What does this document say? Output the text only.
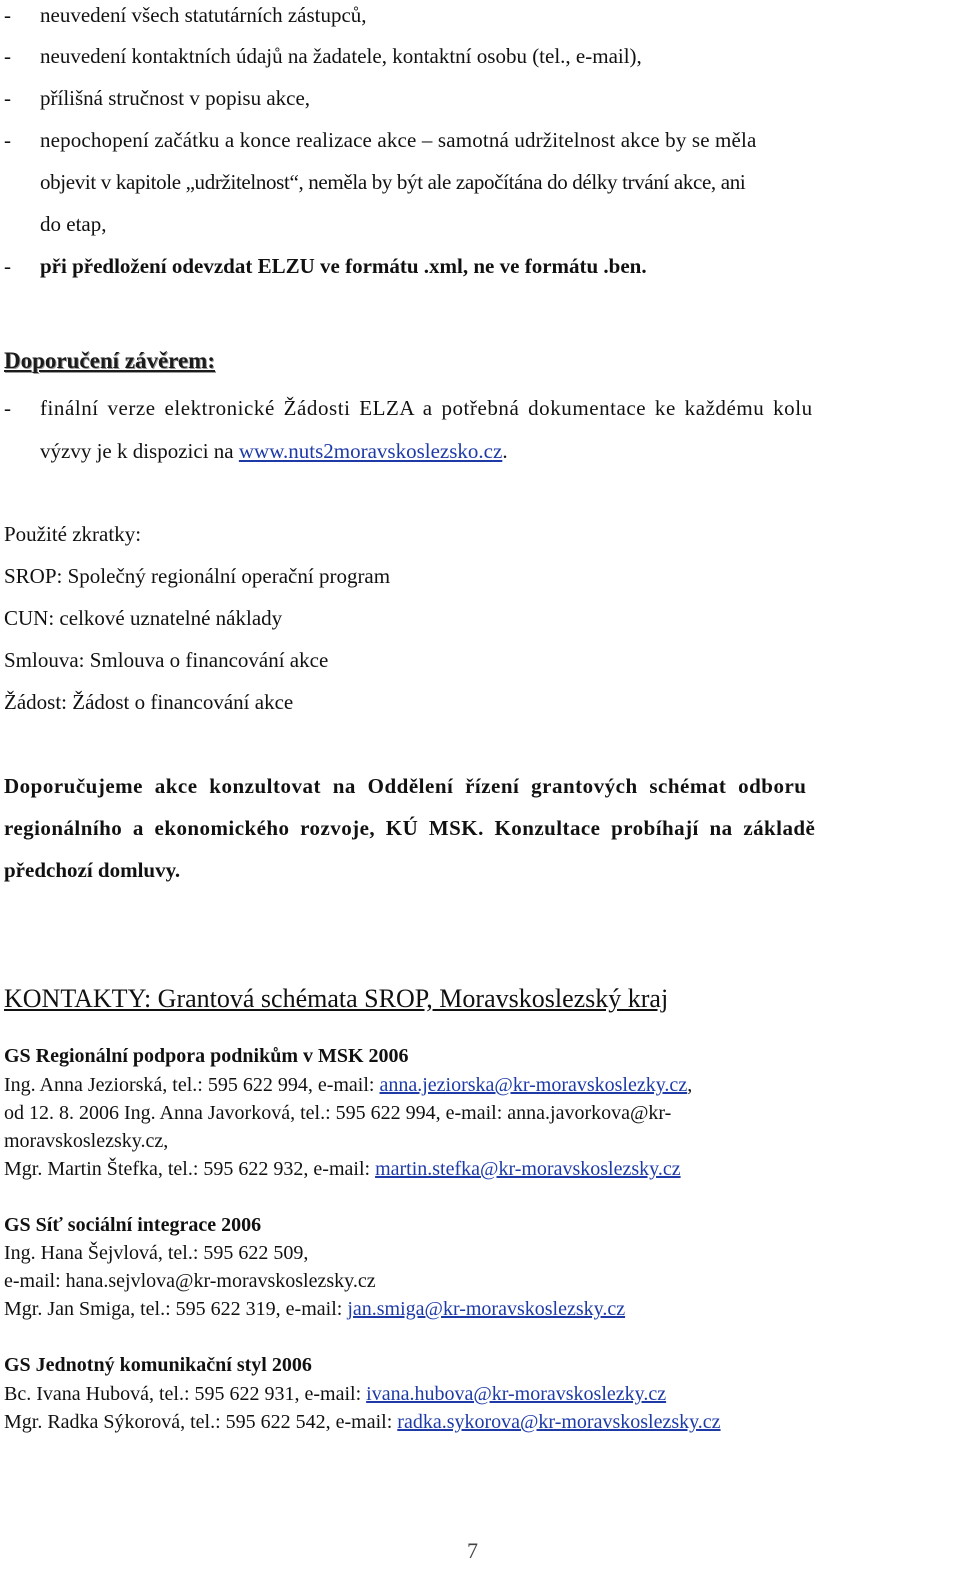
- neuvedení všech statutárních zástupců,
- neuvedení kontaktních údajů na žadatele, kontaktní osobu (tel., e-mail),
- přílišná stručnost v popisu akce,
- nepochopení začátku a konce realizace akce – samotná udržitelnost akce by se měla
objevit v kapitole „udržitelnost“, neměla by být ale započítána do délky trvání akce, ani
do etap,
- při předložení odevzdat ELZU ve formátu .xml, ne ve formátu .ben.
Doporučení závěrem:
- finální verze elektronické Žádosti ELZA a potřebná dokumentace ke každému kolu
výzvy je k dispozici na www.nuts2moravskoslezsko.cz.
Použité zkratky:
SROP: Společný regionální operační program
CUN: celkové uznatelné náklady
Smlouva: Smlouva o financování akce
Žádost: Žádost o financování akce
Doporučujeme akce konzultovat na Oddělení řízení grantových schémat odboru
regionálního a ekonomického rozvoje, KÚ MSK. Konzultace probíhají na základě
předchozí domluvy.
KONTAKTY: Grantová schémata SROP, Moravskoslezský kraj
GS Regionální podpora podnikům v MSK 2006
Ing. Anna Jeziorská, tel.: 595 622 994, e-mail: anna.jeziorska@kr-moravskoslezky.cz,
od 12. 8. 2006 Ing. Anna Javorková, tel.: 595 622 994, e-mail: anna.javorkova@kr-
moravskoslezsky.cz,
Mgr. Martin Štefka, tel.: 595 622 932, e-mail: martin.stefka@kr-moravskoslezsky.cz
GS Síť sociální integrace 2006
Ing. Hana Šejvlová, tel.: 595 622 509,
e-mail: hana.sejvlova@kr-moravskoslezsky.cz
Mgr. Jan Smiga, tel.: 595 622 319, e-mail: jan.smiga@kr-moravskoslezsky.cz
GS Jednotný komunikační styl 2006
Bc. Ivana Hubová, tel.: 595 622 931, e-mail: ivana.hubova@kr-moravskoslezky.cz
Mgr. Radka Sýkorová, tel.: 595 622 542, e-mail: radka.sykorova@kr-moravskoslezsky.cz
7
